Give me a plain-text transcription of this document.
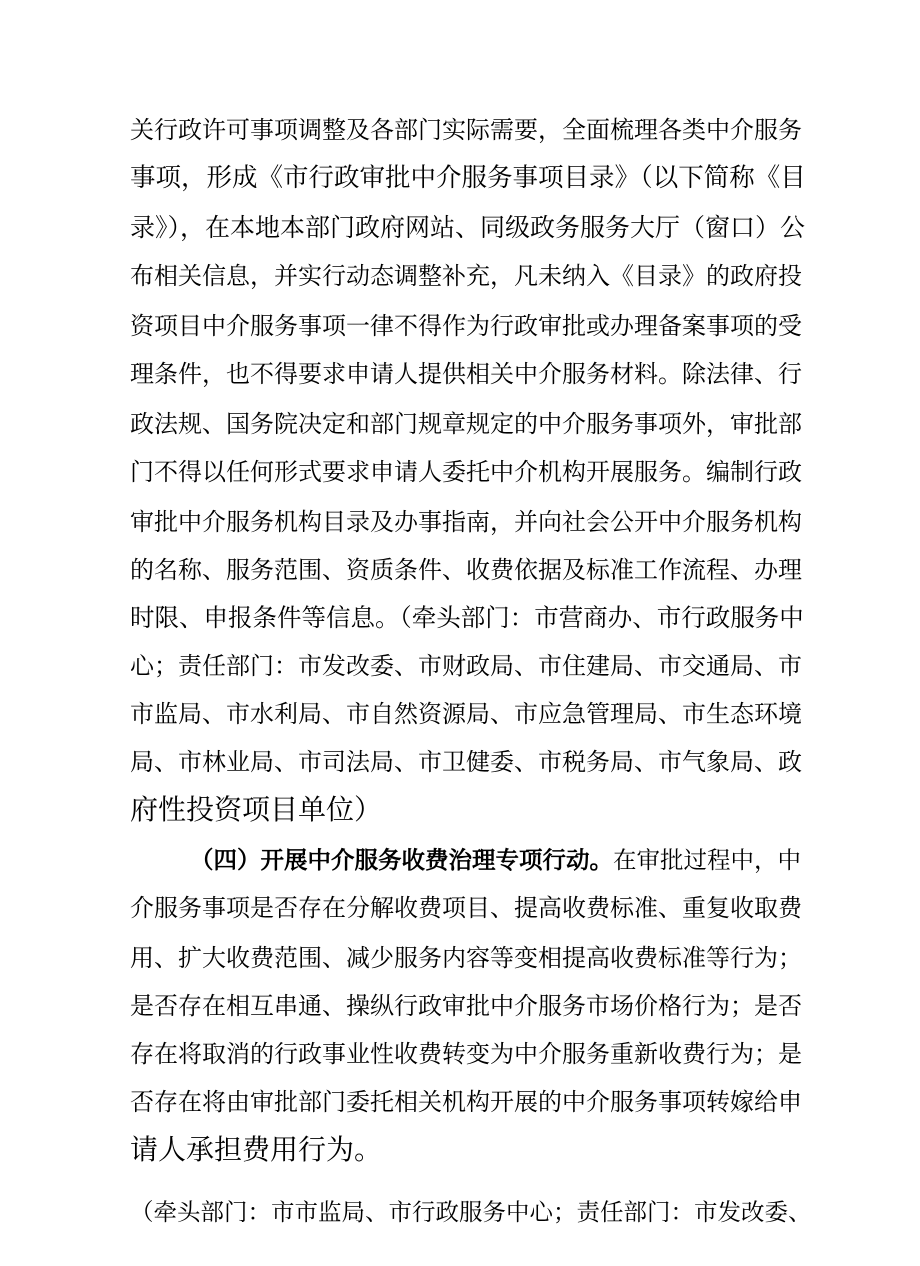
关行政许可事项调整及各部门实际需要，全面梳理各类中介服务
事项，形成《市行政审批中介服务事项目录》（以下简称《目
录》），在本地本部门政府网站、同级政务服务大厅（窗口）公
布相关信息，并实行动态调整补充，凡未纳入《目录》的政府投
资项目中介服务事项一律不得作为行政审批或办理备案事项的受
理条件，也不得要求申请人提供相关中介服务材料。除法律、行
政法规、国务院决定和部门规章规定的中介服务事项外，审批部
门不得以任何形式要求申请人委托中介机构开展服务。编制行政
审批中介服务机构目录及办事指南，并向社会公开中介服务机构
的名称、服务范围、资质条件、收费依据及标准工作流程、办理
时限、申报条件等信息。（牵头部门：市营商办、市行政服务中
心；责任部门：市发改委、市财政局、市住建局、市交通局、市
市监局、市水利局、市自然资源局、市应急管理局、市生态环境
局、市林业局、市司法局、市卫健委、市税务局、市气象局、政
府性投资项目单位）
（四）开展中介服务收费治理专项行动。在审批过程中，中
介服务事项是否存在分解收费项目、提高收费标准、重复收取费
用、扩大收费范围、减少服务内容等变相提高收费标准等行为；
是否存在相互串通、操纵行政审批中介服务市场价格行为；是否
存在将取消的行政事业性收费转变为中介服务重新收费行为；是
否存在将由审批部门委托相关机构开展的中介服务事项转嫁给申
请人承担费用行为。
（牵头部门：市市监局、市行政服务中心；责任部门：市发改委、
